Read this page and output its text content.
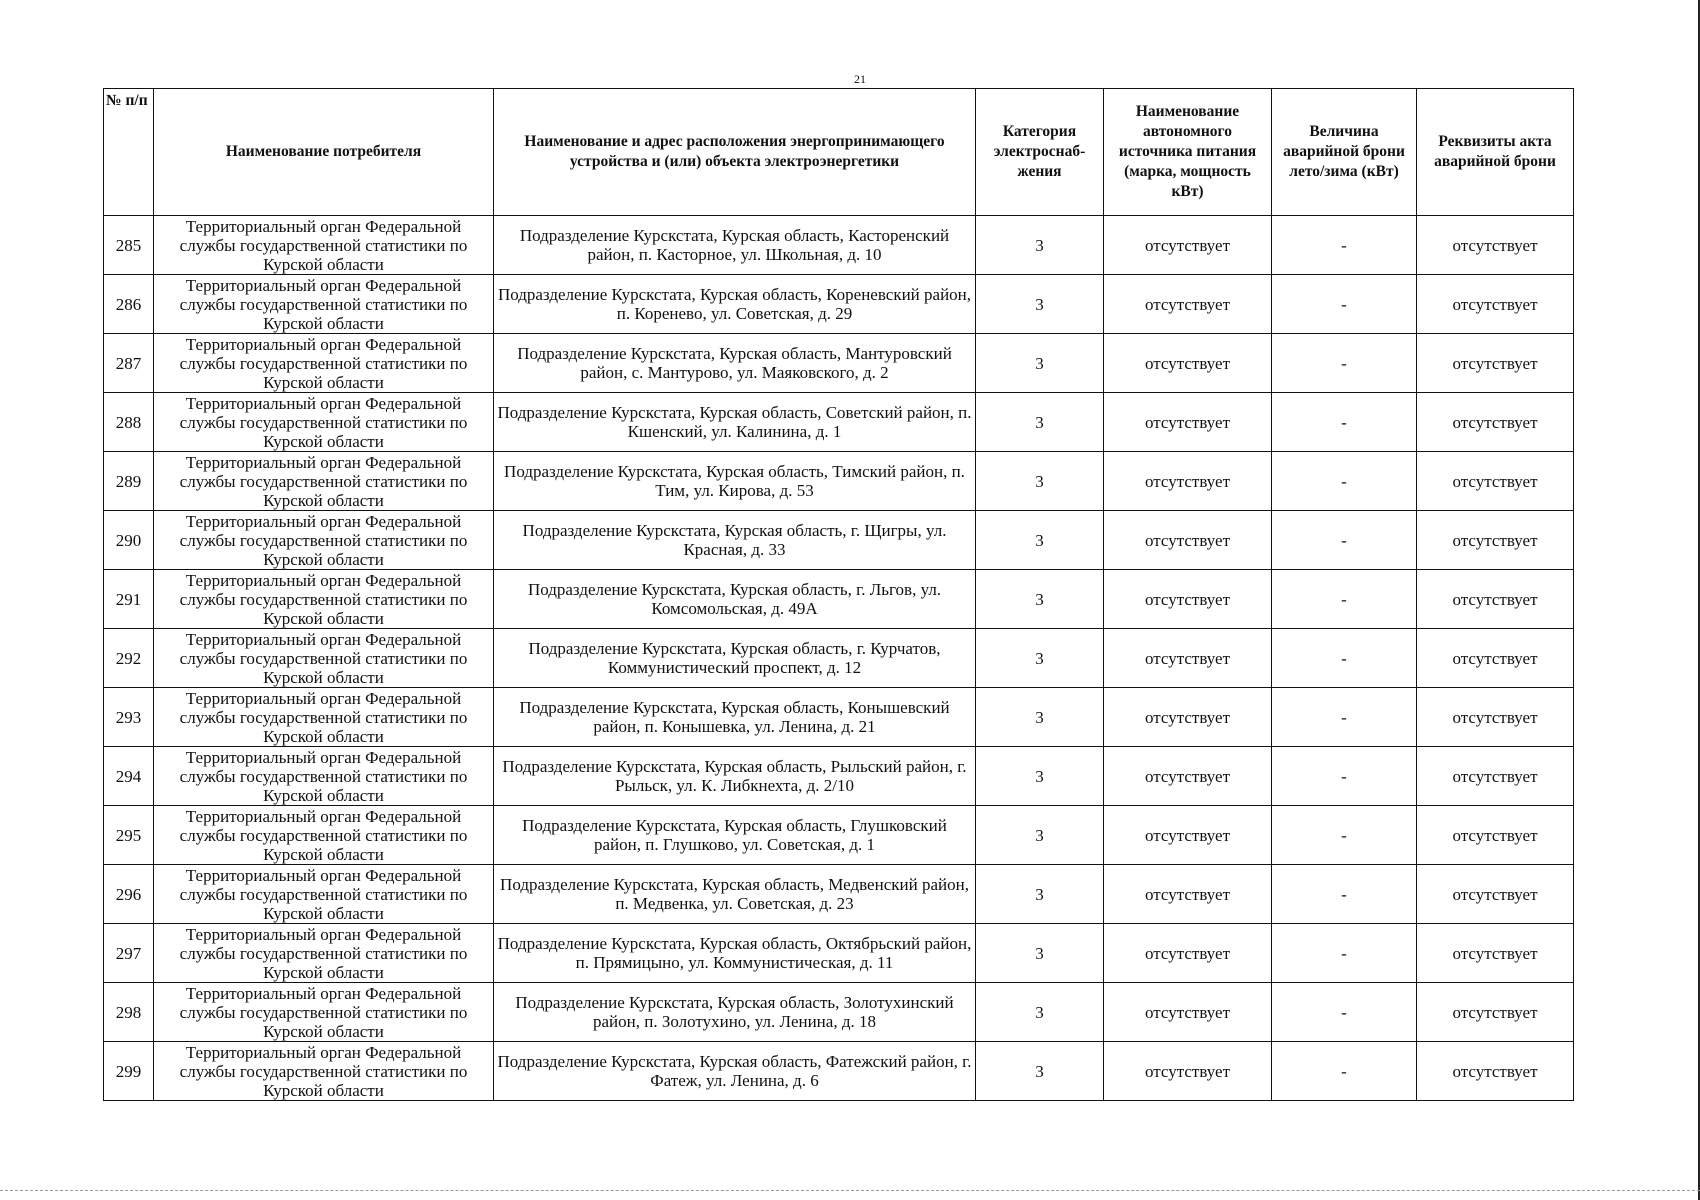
21
№ п/п	Наименование потребителя	Наименование и адрес расположения энергопринимающего устройства и (или) объекта электроэнергетики	Категория электроснаб-жения	Наименование автономного источника питания (марка, мощность кВт)	Величина аварийной брони лето/зима (кВт)	Реквизиты акта аварийной брони
285	Территориальный орган Федеральной службы государственной статистики по Курской области	Подразделение Курскстата, Курская область, Касторенский район, п. Касторное, ул. Школьная, д. 10	3	отсутствует	-	отсутствует
286	Территориальный орган Федеральной службы государственной статистики по Курской области	Подразделение Курскстата, Курская область, Кореневский район, п. Коренево, ул. Советская, д. 29	3	отсутствует	-	отсутствует
287	Территориальный орган Федеральной службы государственной статистики по Курской области	Подразделение Курскстата, Курская область, Мантуровский район, с. Мантурово, ул. Маяковского, д. 2	3	отсутствует	-	отсутствует
288	Территориальный орган Федеральной службы государственной статистики по Курской области	Подразделение Курскстата, Курская область, Советский район, п. Кшенский, ул. Калинина, д. 1	3	отсутствует	-	отсутствует
289	Территориальный орган Федеральной службы государственной статистики по Курской области	Подразделение Курскстата, Курская область, Тимский район, п. Тим, ул. Кирова, д. 53	3	отсутствует	-	отсутствует
290	Территориальный орган Федеральной службы государственной статистики по Курской области	Подразделение Курскстата, Курская область, г. Щигры, ул. Красная, д. 33	3	отсутствует	-	отсутствует
291	Территориальный орган Федеральной службы государственной статистики по Курской области	Подразделение Курскстата, Курская область, г. Льгов, ул. Комсомольская, д. 49А	3	отсутствует	-	отсутствует
292	Территориальный орган Федеральной службы государственной статистики по Курской области	Подразделение Курскстата, Курская область, г. Курчатов, Коммунистический проспект, д. 12	3	отсутствует	-	отсутствует
293	Территориальный орган Федеральной службы государственной статистики по Курской области	Подразделение Курскстата, Курская область, Конышевский район, п. Конышевка, ул. Ленина, д. 21	3	отсутствует	-	отсутствует
294	Территориальный орган Федеральной службы государственной статистики по Курской области	Подразделение Курскстата, Курская область, Рыльский район, г. Рыльск, ул. К. Либкнехта, д. 2/10	3	отсутствует	-	отсутствует
295	Территориальный орган Федеральной службы государственной статистики по Курской области	Подразделение Курскстата, Курская область, Глушковский район, п. Глушково, ул. Советская, д. 1	3	отсутствует	-	отсутствует
296	Территориальный орган Федеральной службы государственной статистики по Курской области	Подразделение Курскстата, Курская область, Медвенский район, п. Медвенка, ул. Советская, д. 23	3	отсутствует	-	отсутствует
297	Территориальный орган Федеральной службы государственной статистики по Курской области	Подразделение Курскстата, Курская область, Октябрьский район, п. Прямицыно, ул. Коммунистическая, д. 11	3	отсутствует	-	отсутствует
298	Территориальный орган Федеральной службы государственной статистики по Курской области	Подразделение Курскстата, Курская область, Золотухинский район, п. Золотухино, ул. Ленина, д. 18	3	отсутствует	-	отсутствует
299	Территориальный орган Федеральной службы государственной статистики по Курской области	Подразделение Курскстата, Курская область, Фатежский район, г. Фатеж, ул. Ленина, д. 6	3	отсутствует	-	отсутствует
